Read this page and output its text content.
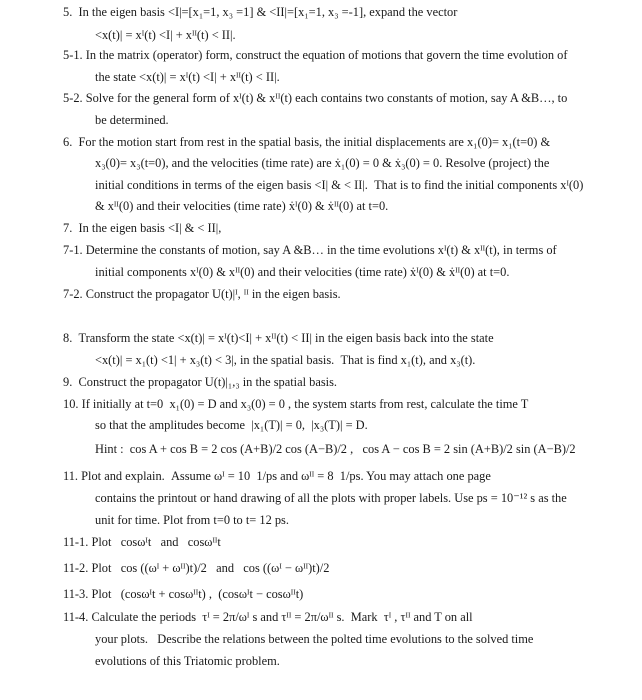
5.  In the eigen basis <I|=[x₁=1, x₃ =1] & <II|=[x₁=1, x₃ =-1], expand the vector
<x(t)| = xᴵ(t) <I| + xᴵᴵ(t) < II|.
5-1. In the matrix (operator) form, construct the equation of motions that govern the time evolution of
the state <x(t)| = xᴵ(t) <I| + xᴵᴵ(t) < II|.
5-2. Solve for the general form of xᴵ(t) & xᴵᴵ(t) each contains two constants of motion, say A &B…, to
be determined.
6.  For the motion start from rest in the spatial basis, the initial displacements are x₁(0)= x₁(t=0) &
x₃(0)= x₃(t=0), and the velocities (time rate) are ẋ₁(0) = 0 & ẋ₃(0) = 0. Resolve (project) the
initial conditions in terms of the eigen basis <I| & < II|.  That is to find the initial components xᴵ(0)
& xᴵᴵ(0) and their velocities (time rate) ẋᴵ(0) & ẋᴵᴵ(0) at t=0.
7.  In the eigen basis <I| & < II|,
7-1. Determine the constants of motion, say A &B… in the time evolutions xᴵ(t) & xᴵᴵ(t), in terms of
initial components xᴵ(0) & xᴵᴵ(0) and their velocities (time rate) ẋᴵ(0) & ẋᴵᴵ(0) at t=0.
7-2. Construct the propagator U(t)|ᴵ, ᴵᴵ in the eigen basis.
8.  Transform the state <x(t)| = xᴵ(t)<I| + xᴵᴵ(t) < II| in the eigen basis back into the state
<x(t)| = x₁(t) <1| + x₃(t) < 3|, in the spatial basis.  That is find x₁(t), and x₃(t).
9.  Construct the propagator U(t)|₁,₃ in the spatial basis.
10. If initially at t=0  x₁(0) = D and x₃(0) = 0 , the system starts from rest, calculate the time T
so that the amplitudes become  |x₁(T)| = 0,  |x₃(T)| = D.
Hint :  cos A + cos B = 2 cos (A+B)/2 cos (A−B)/2 ,   cos A − cos B = 2 sin (A+B)/2 sin (A−B)/2
11. Plot and explain.  Assume ωᴵ = 10  1/ps and ωᴵᴵ = 8  1/ps. You may attach one page
contains the printout or hand drawing of all the plots with proper labels. Use ps = 10⁻¹² s as the
unit for time. Plot from t=0 to t= 12 ps.
11-1. Plot   cosωᴵt   and   cosωᴵᴵt
11-2. Plot   cos ((ωᴵ + ωᴵᴵ)t)/2   and   cos ((ωᴵ − ωᴵᴵ)t)/2
11-3. Plot   (cosωᴵt + cosωᴵᴵt) ,  (cosωᴵt − cosωᴵᴵt)
11-4. Calculate the periods  τᴵ = 2π/ωᴵ s and τᴵᴵ = 2π/ωᴵᴵ s.  Mark  τᴵ , τᴵᴵ and T on all
your plots.   Describe the relations between the polted time evolutions to the solved time
evolutions of this Triatomic problem.
